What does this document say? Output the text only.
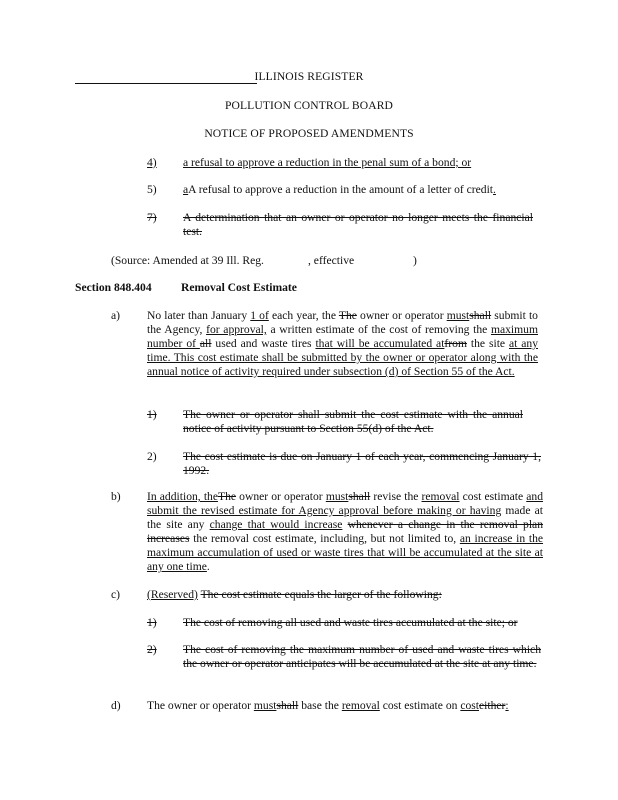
ILLINOIS REGISTER
POLLUTION CONTROL BOARD
NOTICE OF PROPOSED AMENDMENTS
4)	a refusal to approve a reduction in the penal sum of a bond; or
5)	aA refusal to approve a reduction in the amount of a letter of credit.
7)	A determination that an owner or operator no longer meets the financial test.
(Source: Amended at 39 Ill. Reg.	, effective	)
Section 848.404	Removal Cost Estimate
a)	No later than January 1 of each year, the The owner or operator mustshall submit to the Agency, for approval, a written estimate of the cost of removing the maximum number of all used and waste tires that will be accumulated atfrom the site at any time. This cost estimate shall be submitted by the owner or operator along with the annual notice of activity required under subsection (d) of Section 55 of the Act.
1)	The owner or operator shall submit the cost estimate with the annual notice of activity pursuant to Section 55(d) of the Act.
2)	The cost estimate is due on January 1 of each year, commencing January 1, 1992.
b)	In addition, theThe owner or operator mustshall revise the removal cost estimate and submit the revised estimate for Agency approval before making or having made at the site any change that would increase whenever a change in the removal plan increases the removal cost estimate, including, but not limited to, an increase in the maximum accumulation of used or waste tires that will be accumulated at the site at any one time.
c)	(Reserved) The cost estimate equals the larger of the following:
1)	The cost of removing all used and waste tires accumulated at the site; or
2)	The cost of removing the maximum number of used and waste tires which the owner or operator anticipates will be accumulated at the site at any time.
d)	The owner or operator mustshall base the removal cost estimate on costeither:
